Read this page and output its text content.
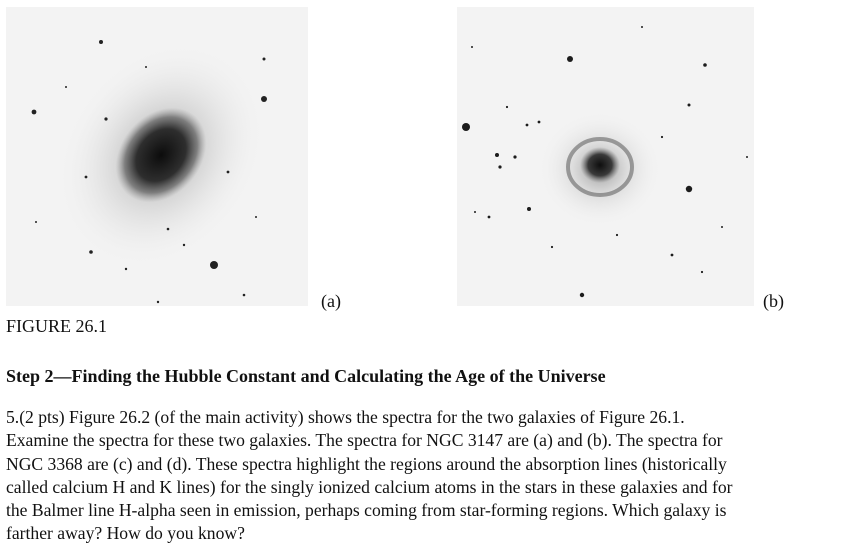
(a)	(b)
FIGURE 26.1
Step 2—Finding the Hubble Constant and Calculating the Age of the Universe

5.(2 pts) Figure 26.2 (of the main activity) shows the spectra for the two galaxies of Figure 26.1.
Examine the spectra for these two galaxies. The spectra for NGC 3147 are (a) and (b). The spectra for
NGC 3368 are (c) and (d). These spectra highlight the regions around the absorption lines (historically
called calcium H and K lines) for the singly ionized calcium atoms in the stars in these galaxies and for
the Balmer line H-alpha seen in emission, perhaps coming from star-forming regions. Which galaxy is
farther away? How do you know?
